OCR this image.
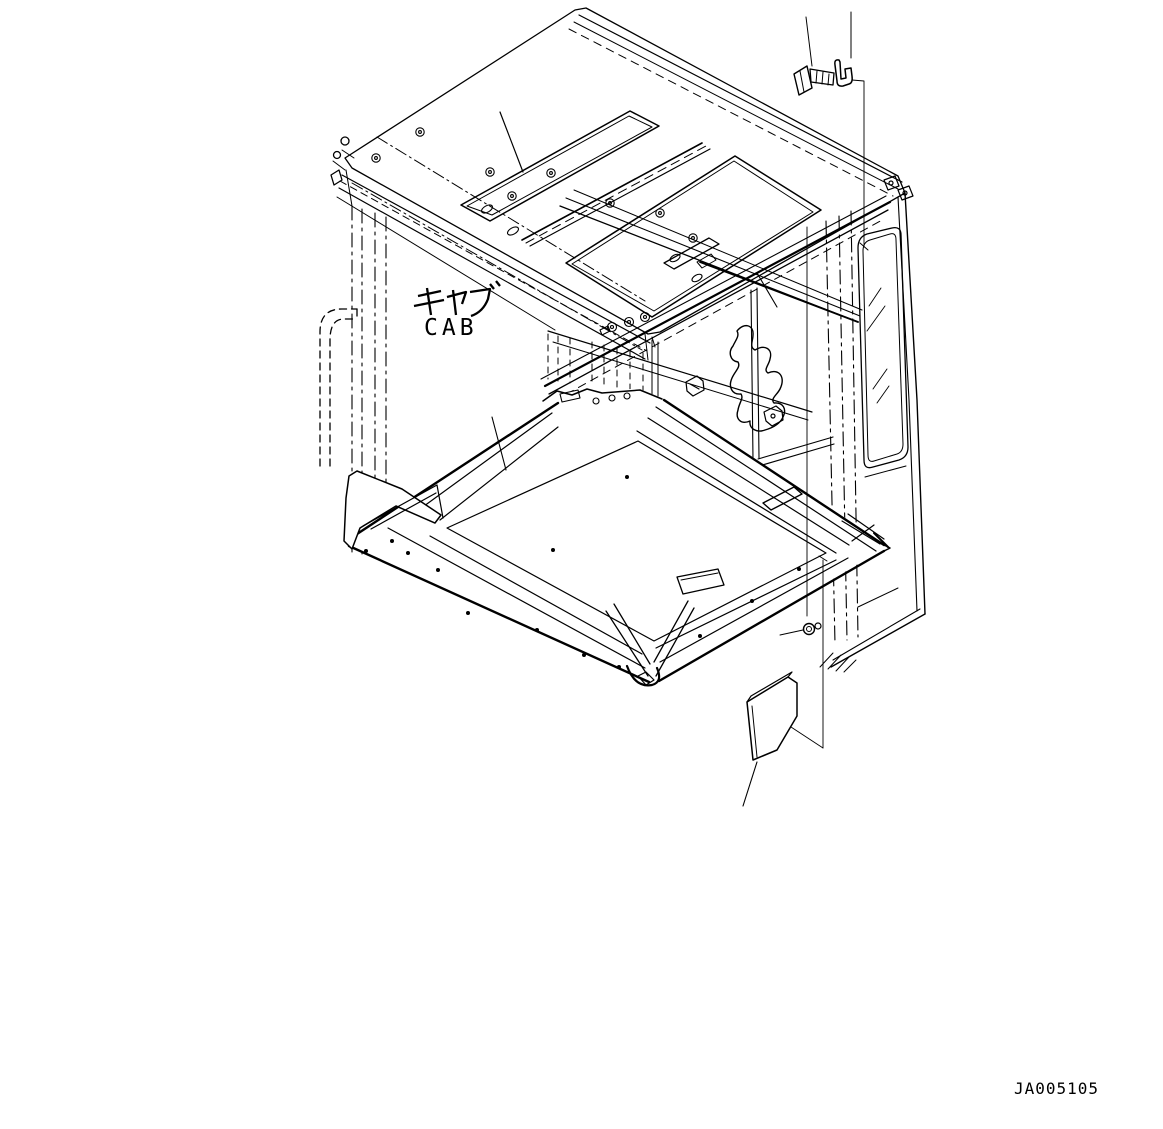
CAB
JA005105
